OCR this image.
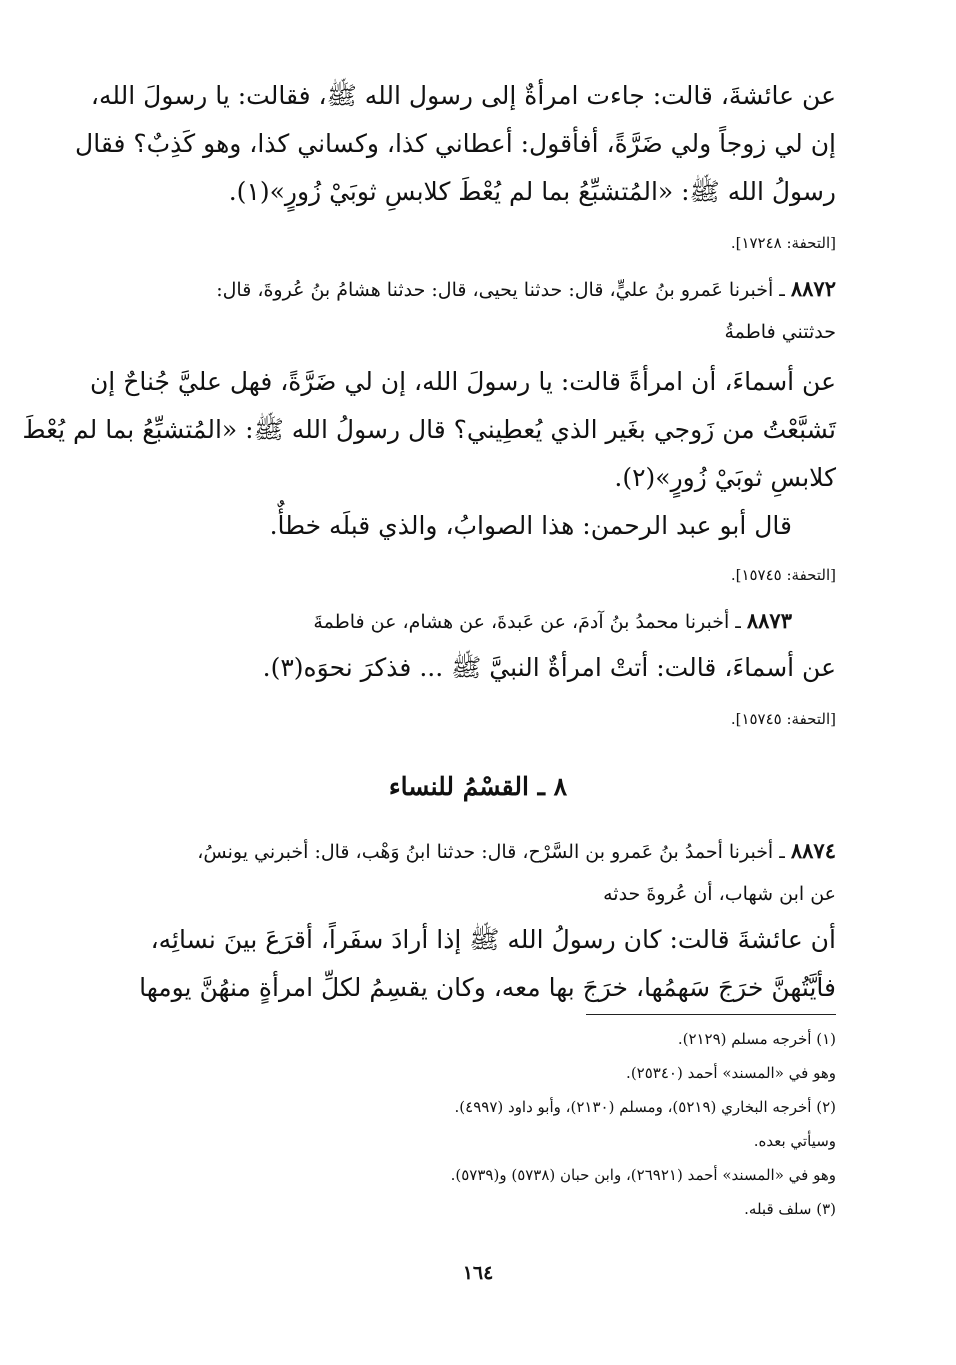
عن عائشةَ، قالت: جاءت امرأةٌ إلى رسول الله ﷺ، فقالت: يا رسولَ الله،
إن لي زوجاً ولي ضَرَّةً، أفأقول: أعطاني كذا، وكساني كذا، وهو كَذِبٌ؟ فقال
رسولُ الله ﷺ: «المُتشبِّعُ بما لم يُعْطَ كلابسِ ثوبَيْ زُورٍ»(١).
[التحفة: ١٧٢٤٨].
٨٨٧٢ ـ أخبرنا عَمرو بنُ عليٍّ، قال: حدثنا يحيى، قال: حدثنا هشامُ بنُ عُروةَ، قال:
حدثتني فاطمةُ
عن أسماءَ، أن امرأةً قالت: يا رسولَ الله، إن لي ضَرَّةً، فهل عليَّ جُناحٌ إن
تَشبَّعْتُ من زَوجي بغَير الذي يُعطِيني؟ قال رسولُ الله ﷺ: «المُتشبِّعُ بما لم يُعْطَ
كلابسِ ثوبَيْ زُورٍ»(٢).
قال أبو عبد الرحمن: هذا الصوابُ، والذي قبلَه خطأٌ.
[التحفة: ١٥٧٤٥].
٨٨٧٣ ـ أخبرنا محمدُ بنُ آدمَ، عن عَبدةَ، عن هشام، عن فاطمةَ
عن أسماءَ، قالت: أتتْ امرأةٌ النبيَّ ﷺ ... فذكرَ نحوَه(٣).
[التحفة: ١٥٧٤٥].
٨ ـ القسْمُ للنساء
٨٨٧٤ ـ أخبرنا أحمدُ بنُ عَمرو بن السَّرْح، قال: حدثنا ابنُ وَهْب، قال: أخبرني يونسُ،
عن ابن شهاب، أن عُروةَ حدثه
أن عائشةَ قالت: كان رسولُ الله ﷺ إذا أرادَ سفَراً، أقرَعَ بينَ نسائِه،
فأيَّتُهنَّ خرَجَ سَهمُها، خرَجَ بها معه، وكان يقسِمُ لكلِّ امرأةٍ منهُنَّ يومها
(١) أخرجه مسلم (٢١٢٩).
وهو في «المسند» أحمد (٢٥٣٤٠).
(٢) أخرجه البخاري (٥٢١٩)، ومسلم (٢١٣٠)، وأبو داود (٤٩٩٧).
وسيأتي بعده.
وهو في «المسند» أحمد (٢٦٩٢١)، وابن حبان (٥٧٣٨) و(٥٧٣٩).
(٣) سلف قبله.
١٦٤
